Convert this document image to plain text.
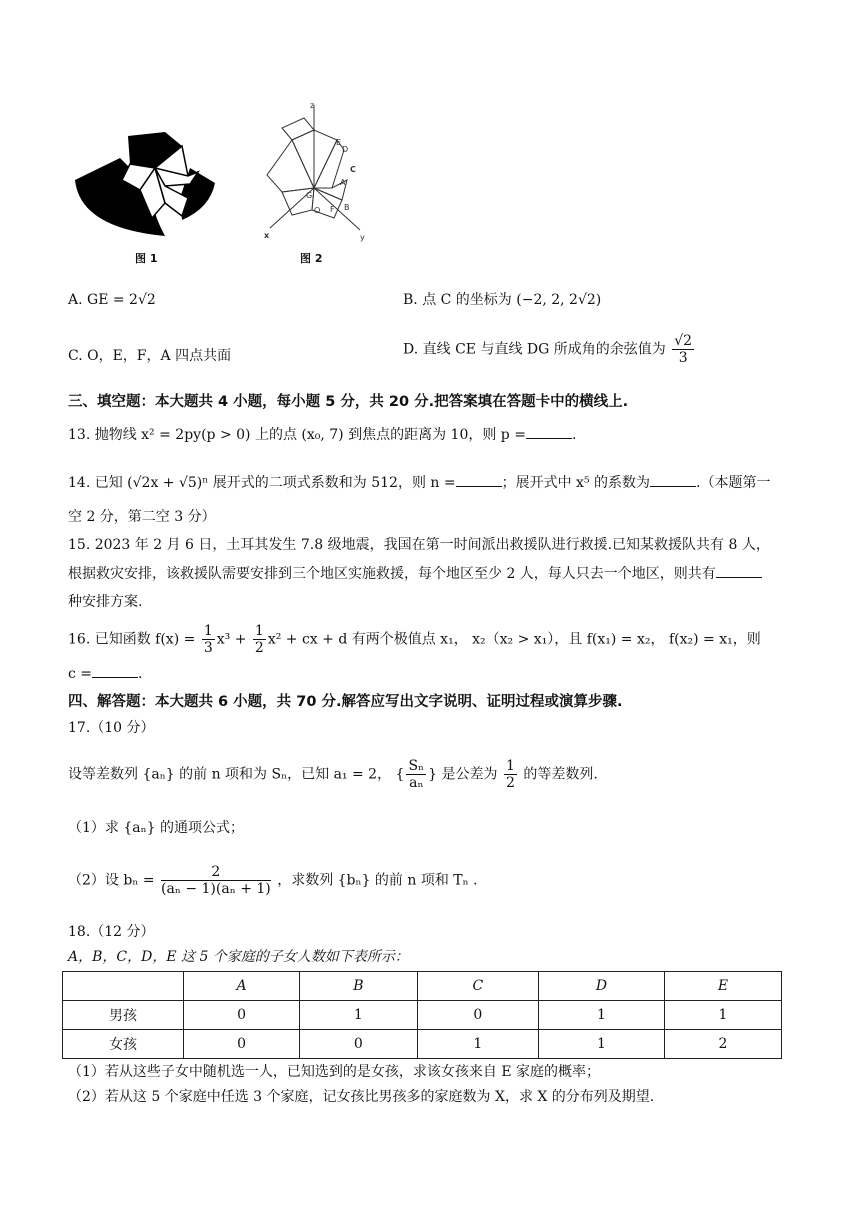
图 1
z
E
D
C
A
B
F
G
O
x	y
图 2
A. GE = 2√2	B. 点 C 的坐标为 (−2, 2, 2√2)
C. O，E，F，A 四点共面	D. 直线 CE 与直线 DG 所成角的余弦值为 $\frac{√2}{3}$
三、填空题：本大题共 4 小题，每小题 5 分，共 20 分.把答案填在答题卡中的横线上.
13. 抛物线 x² = 2py(p > 0) 上的点 (x₀, 7) 到焦点的距离为 10，则 p =	.
14. 已知 (√2x + √5)ⁿ 展开式的二项式系数和为 512，则 n =	；展开式中 x⁵ 的系数为	.（本题第一
空 2 分，第二空 3 分）
15. 2023 年 2 月 6 日，土耳其发生 7.8 级地震，我国在第一时间派出救援队进行救援.已知某救援队共有 8 人，
根据救灾安排，该救援队需要安排到三个地区实施救援，每个地区至少 2 人，每人只去一个地区，则共有
种安排方案.
16. 已知函数 $f(x) = \frac{1}{3} x^3 + \frac{1}{2} x^2$ + cx + d 有两个极值点 x₁， x₂（x₂ > x₁），且 f(x₁) = x₂， f(x₂) = x₁，则
c =	.
四、解答题：本大题共 6 小题，共 70 分.解答应写出文字说明、证明过程或演算步骤.
17.（10 分）
设等差数列 {aₙ} 的前 n 项和为 Sₙ，已知 a₁ = 2， { $\frac{\text{Sₙ}}{\text{aₙ}}$ } 是公差为 $\frac{1}{2}$ 的等差数列.
（1）求 {aₙ} 的通项公式；
（2）设 $b_n = \frac{2}{\text{(aₙ − 1)(aₙ + 1)}}$ ，求数列 {bₙ} 的前 n 项和 Tₙ .
18.（12 分）
A，B，C，D，E 这 5 个家庭的子女人数如下表所示：
	A	B	C	D	E
男孩	0	1	0	1	1
女孩	0	0	1	1	2
（1）若从这些子女中随机选一人，已知选到的是女孩，求该女孩来自 E 家庭的概率；
（2）若从这 5 个家庭中任选 3 个家庭，记女孩比男孩多的家庭数为 X，求 X 的分布列及期望.
